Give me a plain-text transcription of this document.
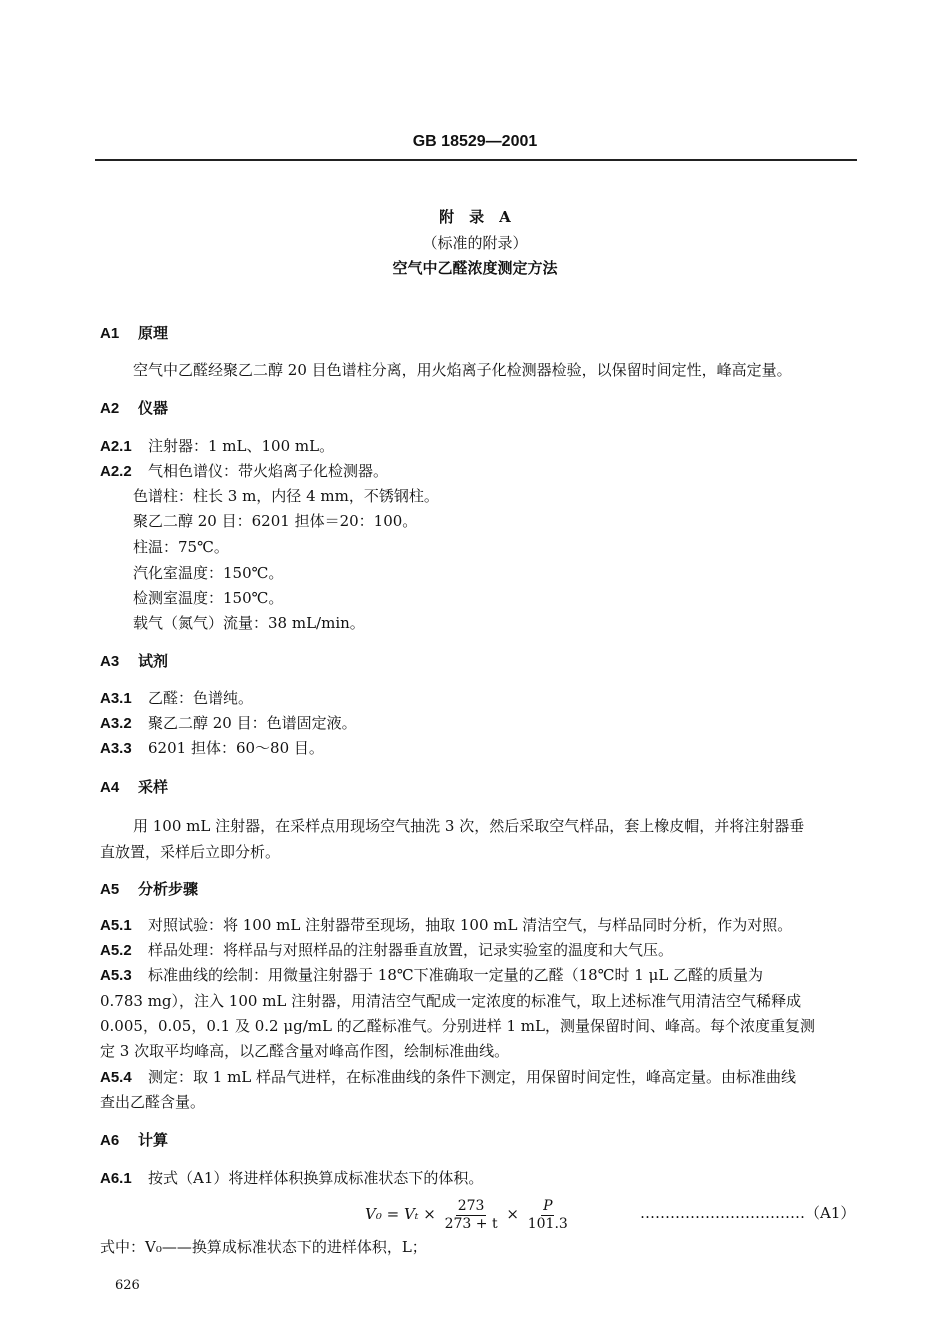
GB 18529—2001
附　录　A
（标准的附录）
空气中乙醛浓度测定方法
A1 原理
空气中乙醛经聚乙二醇 20 目色谱柱分离，用火焰离子化检测器检验，以保留时间定性，峰高定量。
A2 仪器
A2.1 注射器：1 mL、100 mL。
A2.2 气相色谱仪：带火焰离子化检测器。
色谱柱：柱长 3 m，内径 4 mm，不锈钢柱。
聚乙二醇 20 目：6201 担体＝20：100。
柱温：75℃。
汽化室温度：150℃。
检测室温度：150℃。
载气（氮气）流量：38 mL/min。
A3 试剂
A3.1 乙醛：色谱纯。
A3.2 聚乙二醇 20 目：色谱固定液。
A3.3 6201 担体：60～80 目。
A4 采样
用 100 mL 注射器，在采样点用现场空气抽洗 3 次，然后采取空气样品，套上橡皮帽，并将注射器垂
直放置，采样后立即分析。
A5 分析步骤
A5.1 对照试验：将 100 mL 注射器带至现场，抽取 100 mL 清洁空气，与样品同时分析，作为对照。
A5.2 样品处理：将样品与对照样品的注射器垂直放置，记录实验室的温度和大气压。
A5.3 标准曲线的绘制：用微量注射器于 18℃下准确取一定量的乙醛（18℃时 1 μL 乙醛的质量为
0.783 mg），注入 100 mL 注射器，用清洁空气配成一定浓度的标准气，取上述标准气用清洁空气稀释成
0.005，0.05，0.1 及 0.2 μg/mL 的乙醛标准气。分别进样 1 mL，测量保留时间、峰高。每个浓度重复测
定 3 次取平均峰高，以乙醛含量对峰高作图，绘制标准曲线。
A5.4 测定：取 1 mL 样品气进样，在标准曲线的条件下测定，用保留时间定性，峰高定量。由标准曲线
查出乙醛含量。
A6 计算
A6.1 按式（A1）将进样体积换算成标准状态下的体积。
$V_0 = V_t \times \frac{273}{273 + t} \times \frac{P}{101.3}$	……………………………（A1）
式中：V₀——换算成标准状态下的进样体积，L；
626
